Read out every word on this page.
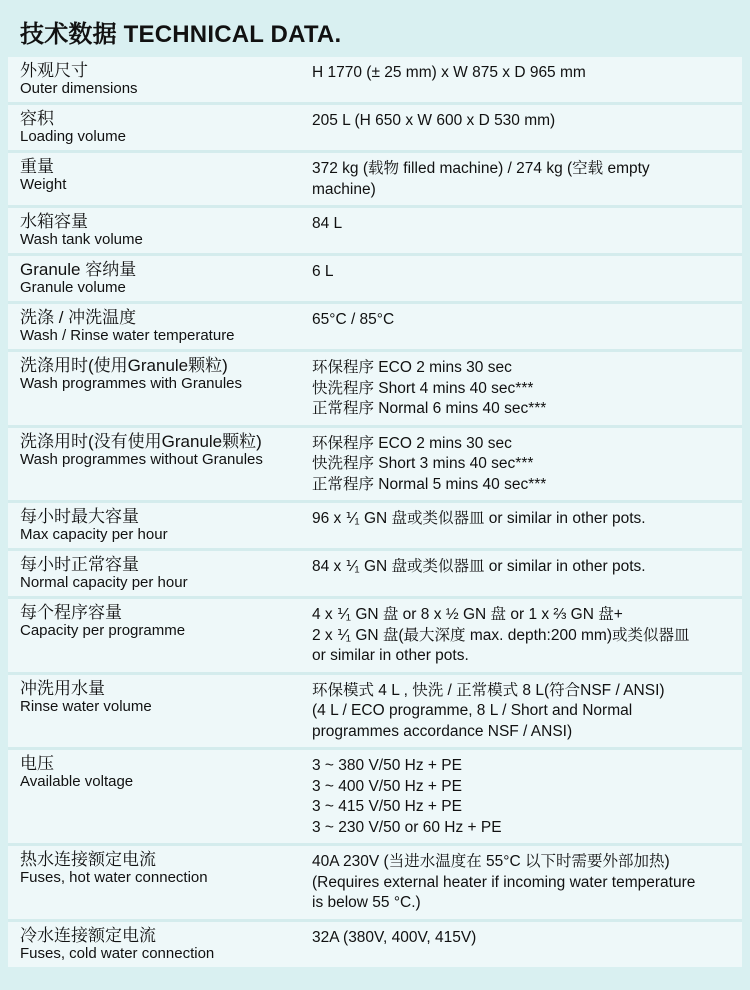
技术数据 TECHNICAL DATA.
外观尺寸
Outer dimensions
H 1770 (± 25 mm) x W 875 x D 965 mm
容积
Loading volume
205 L (H 650 x W 600 x D 530 mm)
重量
Weight
372 kg (载物 filled machine) / 274 kg (空载 empty
machine)
水箱容量
Wash tank volume
84 L
Granule 容纳量
Granule volume
6 L
洗涤 / 冲洗温度
Wash / Rinse water temperature
65°C / 85°C
洗涤用时(使用Granule颗粒)
Wash programmes with Granules
环保程序 ECO 2 mins 30 sec
快洗程序 Short 4 mins 40 sec***
正常程序 Normal 6 mins 40 sec***
洗涤用时(没有使用Granule颗粒)
Wash programmes without Granules
环保程序 ECO 2 mins 30 sec
快洗程序 Short 3 mins 40 sec***
正常程序 Normal 5 mins 40 sec***
每小时最大容量
Max capacity per hour
96 x ⅟₁ GN 盘或类似器皿 or similar in other pots.
每小时正常容量
Normal capacity per hour
84 x ⅟₁ GN 盘或类似器皿 or similar in other pots.
每个程序容量
Capacity per programme
4 x ⅟₁ GN 盘 or 8 x ½ GN 盘 or 1 x ⅔ GN 盘+
2 x ⅟₁ GN 盘(最大深度 max. depth:200 mm)或类似器皿
or similar in other pots.
冲洗用水量
Rinse water volume
环保模式 4 L , 快洗 / 正常模式 8 L(符合NSF / ANSI)
(4 L / ECO programme, 8 L / Short and Normal
programmes accordance NSF / ANSI)
电压
Available voltage
3 ~ 380 V/50 Hz + PE
3 ~ 400 V/50 Hz + PE
3 ~ 415 V/50 Hz + PE
3 ~ 230 V/50 or 60 Hz + PE
热水连接额定电流
Fuses, hot water connection
40A 230V (当进水温度在 55°C 以下时需要外部加热)
(Requires external heater if incoming water temperature
is below 55 °C.)
冷水连接额定电流
Fuses, cold water connection
32A (380V, 400V, 415V)
